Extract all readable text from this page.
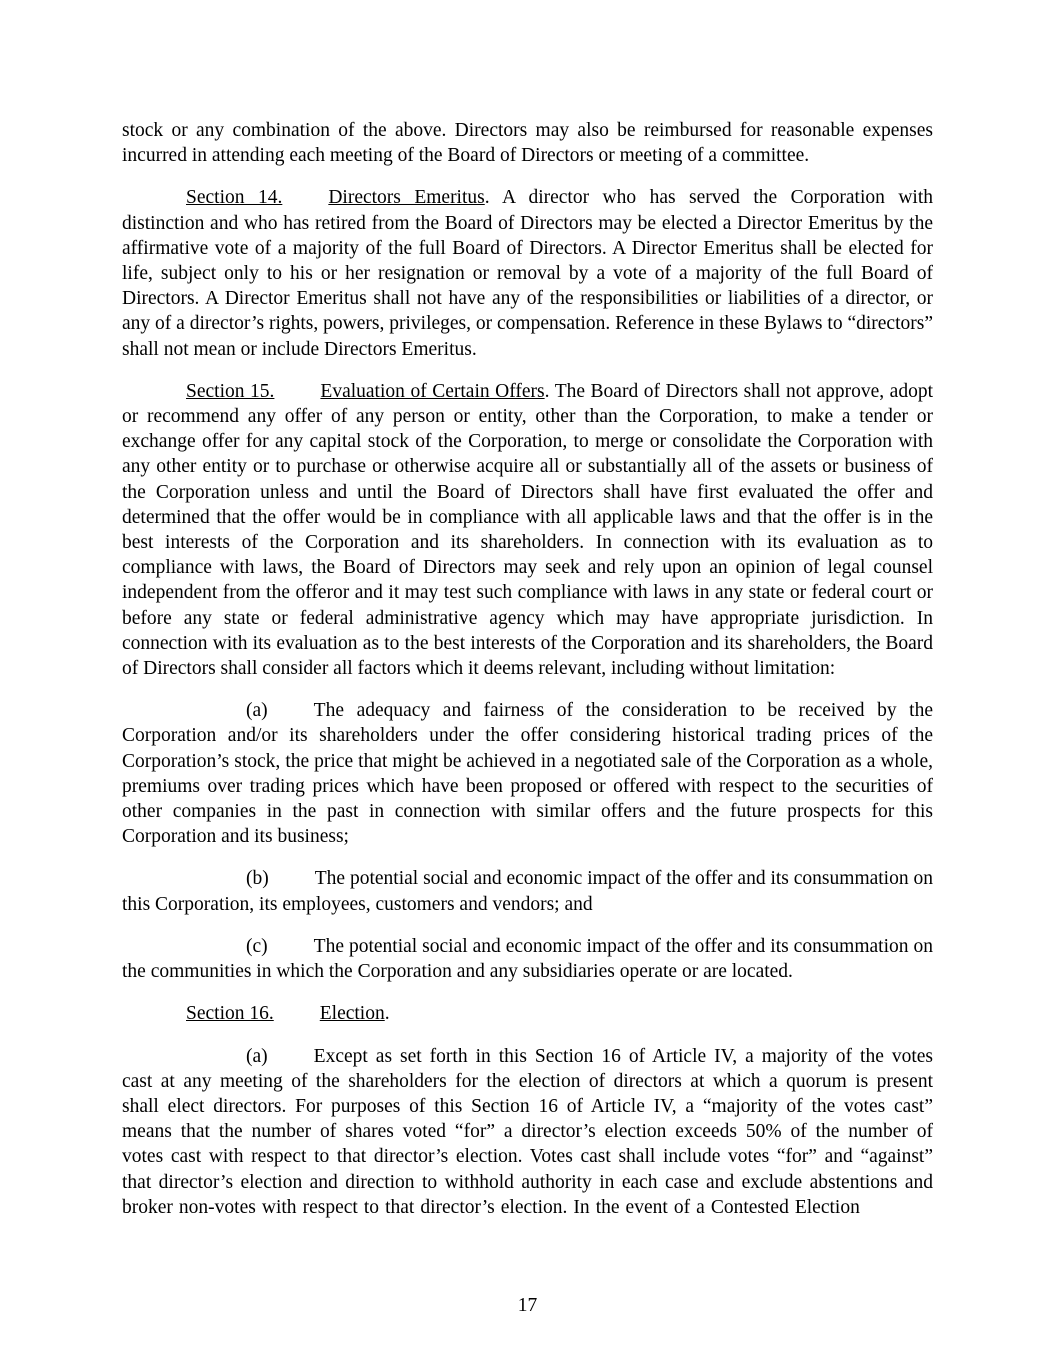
stock or any combination of the above. Directors may also be reimbursed for reasonable expenses incurred in attending each meeting of the Board of Directors or meeting of a committee.

Section 14. Directors Emeritus. A director who has served the Corporation with distinction and who has retired from the Board of Directors may be elected a Director Emeritus by the affirmative vote of a majority of the full Board of Directors. A Director Emeritus shall be elected for life, subject only to his or her resignation or removal by a vote of a majority of the full Board of Directors. A Director Emeritus shall not have any of the responsibilities or liabilities of a director, or any of a director’s rights, powers, privileges, or compensation. Reference in these Bylaws to “directors” shall not mean or include Directors Emeritus.

Section 15. Evaluation of Certain Offers. The Board of Directors shall not approve, adopt or recommend any offer of any person or entity, other than the Corporation, to make a tender or exchange offer for any capital stock of the Corporation, to merge or consolidate the Corporation with any other entity or to purchase or otherwise acquire all or substantially all of the assets or business of the Corporation unless and until the Board of Directors shall have first evaluated the offer and determined that the offer would be in compliance with all applicable laws and that the offer is in the best interests of the Corporation and its shareholders. In connection with its evaluation as to compliance with laws, the Board of Directors may seek and rely upon an opinion of legal counsel independent from the offeror and it may test such compliance with laws in any state or federal court or before any state or federal administrative agency which may have appropriate jurisdiction. In connection with its evaluation as to the best interests of the Corporation and its shareholders, the Board of Directors shall consider all factors which it deems relevant, including without limitation:

(a) The adequacy and fairness of the consideration to be received by the Corporation and/or its shareholders under the offer considering historical trading prices of the Corporation’s stock, the price that might be achieved in a negotiated sale of the Corporation as a whole, premiums over trading prices which have been proposed or offered with respect to the securities of other companies in the past in connection with similar offers and the future prospects for this Corporation and its business;

(b) The potential social and economic impact of the offer and its consummation on this Corporation, its employees, customers and vendors; and

(c) The potential social and economic impact of the offer and its consummation on the communities in which the Corporation and any subsidiaries operate or are located.

Section 16. Election.

(a) Except as set forth in this Section 16 of Article IV, a majority of the votes cast at any meeting of the shareholders for the election of directors at which a quorum is present shall elect directors. For purposes of this Section 16 of Article IV, a “majority of the votes cast” means that the number of shares voted “for” a director’s election exceeds 50% of the number of votes cast with respect to that director’s election. Votes cast shall include votes “for” and “against” that director’s election and direction to withhold authority in each case and exclude abstentions and broker non-votes with respect to that director’s election. In the event of a Contested Election

17
